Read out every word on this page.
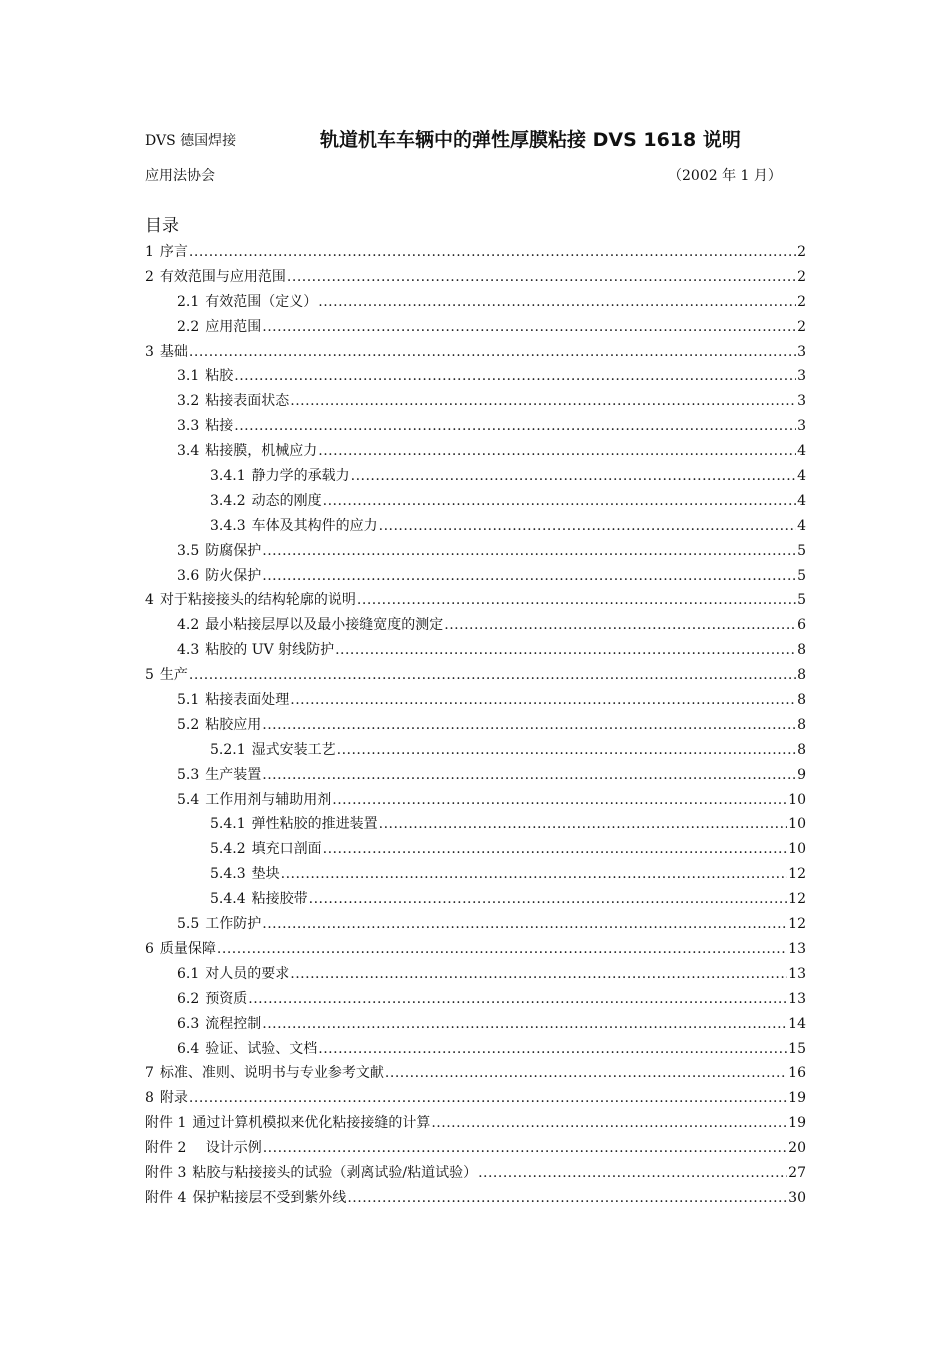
DVS 德国焊接
应用法协会
轨道机车车辆中的弹性厚膜粘接 DVS 1618 说明
（2002 年 1 月）
目录
1 序言 .....	2
2 有效范围与应用范围 .....	2
2.1 有效范围（定义） .....	2
2.2 应用范围 .....	2
3 基础 .....	3
3.1 粘胶 .....	3
3.2 粘接表面状态 .....	3
3.3 粘接 .....	3
3.4 粘接膜，机械应力 .....	4
3.4.1 静力学的承载力 .....	4
3.4.2 动态的刚度 .....	4
3.4.3 车体及其构件的应力 .....	4
3.5 防腐保护 .....	5
3.6 防火保护 .....	5
4 对于粘接接头的结构轮廓的说明 .....	5
4.2 最小粘接层厚以及最小接缝宽度的测定 .....	6
4.3 粘胶的 UV 射线防护 .....	8
5 生产 .....	8
5.1 粘接表面处理 .....	8
5.2 粘胶应用 .....	8
5.2.1 湿式安装工艺 .....	8
5.3 生产装置 .....	9
5.4 工作用剂与辅助用剂 .....	10
5.4.1 弹性粘胶的推进装置 .....	10
5.4.2 填充口剖面 .....	10
5.4.3 垫块 .....	12
5.4.4 粘接胶带 .....	12
5.5 工作防护 .....	12
6 质量保障 .....	13
6.1 对人员的要求 .....	13
6.2 预资质 .....	13
6.3 流程控制 .....	14
6.4 验证、试验、文档 .....	15
7 标准、准则、说明书与专业参考文献 .....	16
8 附录 .....	19
附件 1 通过计算机模拟来优化粘接接缝的计算 .....	19
附件 2   设计示例 .....	20
附件 3 粘胶与粘接接头的试验（剥离试验/粘道试验） .....	27
附件 4 保护粘接层不受到紫外线 .....	30
